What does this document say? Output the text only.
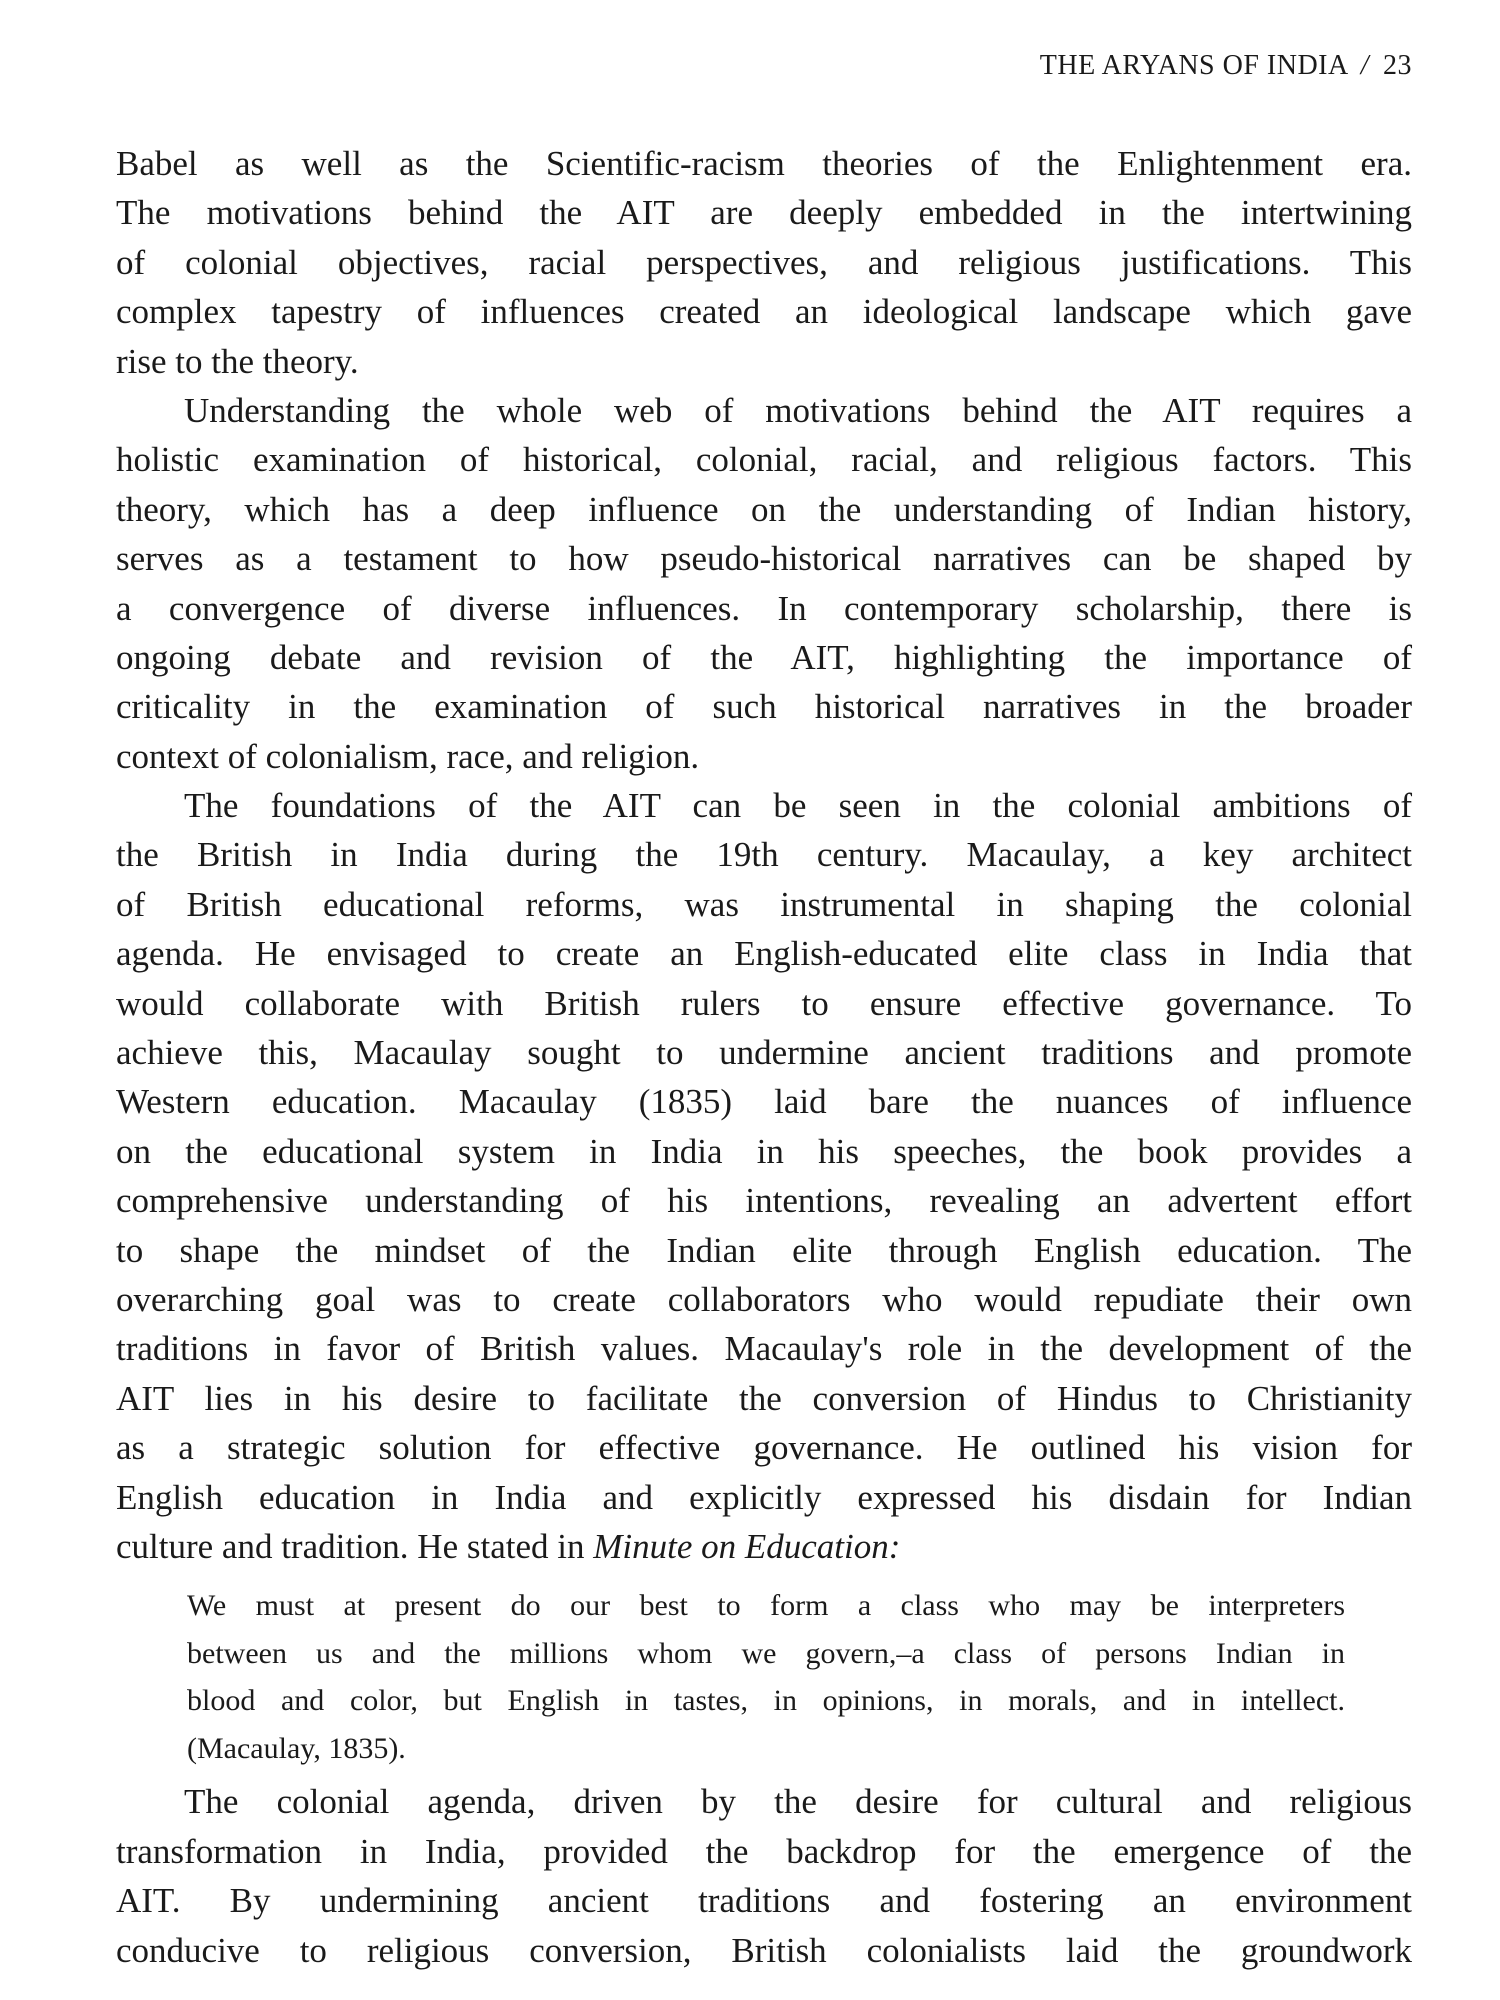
THE ARYANS OF INDIA / 23
Babel as well as the Scientific-racism theories of the Enlightenment era.
The motivations behind the AIT are deeply embedded in the intertwining
of colonial objectives, racial perspectives, and religious justifications. This
complex tapestry of influences created an ideological landscape which gave
rise to the theory.
Understanding the whole web of motivations behind the AIT requires a
holistic examination of historical, colonial, racial, and religious factors. This
theory, which has a deep influence on the understanding of Indian history,
serves as a testament to how pseudo-historical narratives can be shaped by
a convergence of diverse influences. In contemporary scholarship, there is
ongoing debate and revision of the AIT, highlighting the importance of
criticality in the examination of such historical narratives in the broader
context of colonialism, race, and religion.
The foundations of the AIT can be seen in the colonial ambitions of
the British in India during the 19th century. Macaulay, a key architect
of British educational reforms, was instrumental in shaping the colonial
agenda. He envisaged to create an English-educated elite class in India that
would collaborate with British rulers to ensure effective governance. To
achieve this, Macaulay sought to undermine ancient traditions and promote
Western education. Macaulay (1835) laid bare the nuances of influence
on the educational system in India in his speeches, the book provides a
comprehensive understanding of his intentions, revealing an advertent effort
to shape the mindset of the Indian elite through English education. The
overarching goal was to create collaborators who would repudiate their own
traditions in favor of British values. Macaulay's role in the development of the
AIT lies in his desire to facilitate the conversion of Hindus to Christianity
as a strategic solution for effective governance. He outlined his vision for
English education in India and explicitly expressed his disdain for Indian
culture and tradition. He stated in Minute on Education:
We must at present do our best to form a class who may be interpreters
between us and the millions whom we govern,–a class of persons Indian in
blood and color, but English in tastes, in opinions, in morals, and in intellect.
(Macaulay, 1835).
The colonial agenda, driven by the desire for cultural and religious
transformation in India, provided the backdrop for the emergence of the
AIT. By undermining ancient traditions and fostering an environment
conducive to religious conversion, British colonialists laid the groundwork
